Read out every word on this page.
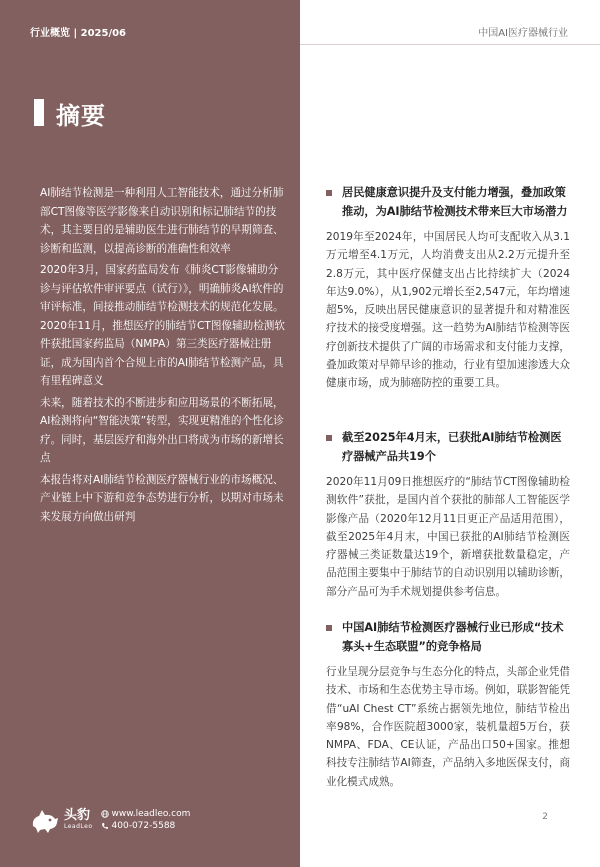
行业概览 | 2025/06
摘要

AI肺结节检测是一种利用人工智能技术，通过分析肺部CT图像等医学影像来自动识别和标记肺结节的技术，其主要目的是辅助医生进行肺结节的早期筛查、诊断和监测，以提高诊断的准确性和效率

2020年3月，国家药监局发布《肺炎CT影像辅助分诊与评估软件审评要点（试行）》，明确肺炎AI软件的审评标准，间接推动肺结节检测技术的规范化发展。2020年11月，推想医疗的肺结节CT图像辅助检测软件获批国家药监局（NMPA）第三类医疗器械注册证，成为国内首个合规上市的AI肺结节检测产品，具有里程碑意义

未来，随着技术的不断进步和应用场景的不断拓展，AI检测将向“智能决策”转型，实现更精准的个性化诊疗。同时，基层医疗和海外出口将成为市场的新增长点

本报告将对AI肺结节检测医疗器械行业的市场概况、产业链上中下游和竞争态势进行分析，以期对市场未来发展方向做出研判

头豹
LeadLeo
www.leadleo.com
400-072-5588
中国AI医疗器械行业
居民健康意识提升及支付能力增强，叠加政策推动，为AI肺结节检测技术带来巨大市场潜力
2019年至2024年，中国居民人均可支配收入从3.1万元增至4.1万元，人均消费支出从2.2万元提升至2.8万元，其中医疗保健支出占比持续扩大（2024年达9.0%），从1,902元增长至2,547元，年均增速超5%，反映出居民健康意识的显著提升和对精准医疗技术的接受度增强。这一趋势为AI肺结节检测等医疗创新技术提供了广阔的市场需求和支付能力支撑，叠加政策对早筛早诊的推动，行业有望加速渗透大众健康市场，成为肺癌防控的重要工具。
截至2025年4月末，已获批AI肺结节检测医疗器械产品共19个
2020年11月09日推想医疗的“肺结节CT图像辅助检测软件”获批，是国内首个获批的肺部人工智能医学影像产品（2020年12月11日更正产品适用范围），截至2025年4月末，中国已获批的AI肺结节检测医疗器械三类证数量达19个，新增获批数量稳定，产品范围主要集中于肺结节的自动识别用以辅助诊断，部分产品可为手术规划提供参考信息。
中国AI肺结节检测医疗器械行业已形成“技术寡头+生态联盟”的竞争格局
行业呈现分层竞争与生态分化的特点，头部企业凭借技术、市场和生态优势主导市场。例如，联影智能凭借“uAI Chest CT”系统占据领先地位，肺结节检出率98%，合作医院超3000家，装机量超5万台，获NMPA、FDA、CE认证，产品出口50+国家。推想科技专注肺结节AI筛查，产品纳入多地医保支付，商业化模式成熟。
2
